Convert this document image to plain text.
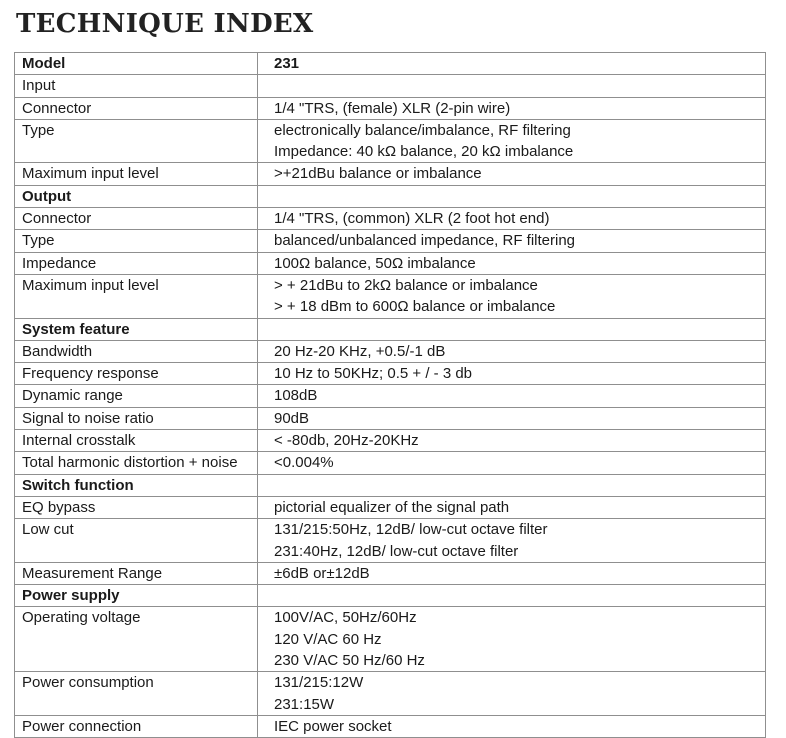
TECHNIQUE INDEX
Model	231
Input	
Connector	1/4 "TRS, (female) XLR (2-pin wire)

Type	electronically balance/imbalance, RF filtering
Impedance: 40 kΩ balance, 20 kΩ imbalance

Maximum input level	>+21dBu balance or imbalance

Output	
Connector	1/4 "TRS, (common) XLR (2 foot hot end)

Type	balanced/unbalanced impedance, RF filtering

Impedance	100Ω balance, 50Ω imbalance

Maximum input level	> + 21dBu to 2kΩ balance or imbalance
> + 18 dBm to 600Ω balance or imbalance

System feature	
Bandwidth	20 Hz-20 KHz, +0.5/-1 dB

Frequency response	10 Hz to 50KHz; 0.5 + / - 3 db

Dynamic range	108dB

Signal to noise ratio	90dB

Internal crosstalk	< -80db, 20Hz-20KHz

Total harmonic distortion + noise	<0.004%

Switch function	
EQ bypass	pictorial equalizer of the signal path

Low cut	131/215:50Hz, 12dB/ low-cut octave filter
231:40Hz, 12dB/ low-cut octave filter

Measurement Range	±6dB or±12dB

Power supply	
Operating voltage	100V/AC, 50Hz/60Hz
120 V/AC 60 Hz
230 V/AC 50 Hz/60 Hz

Power consumption	131/215:12W
231:15W

Power connection	IEC power socket
